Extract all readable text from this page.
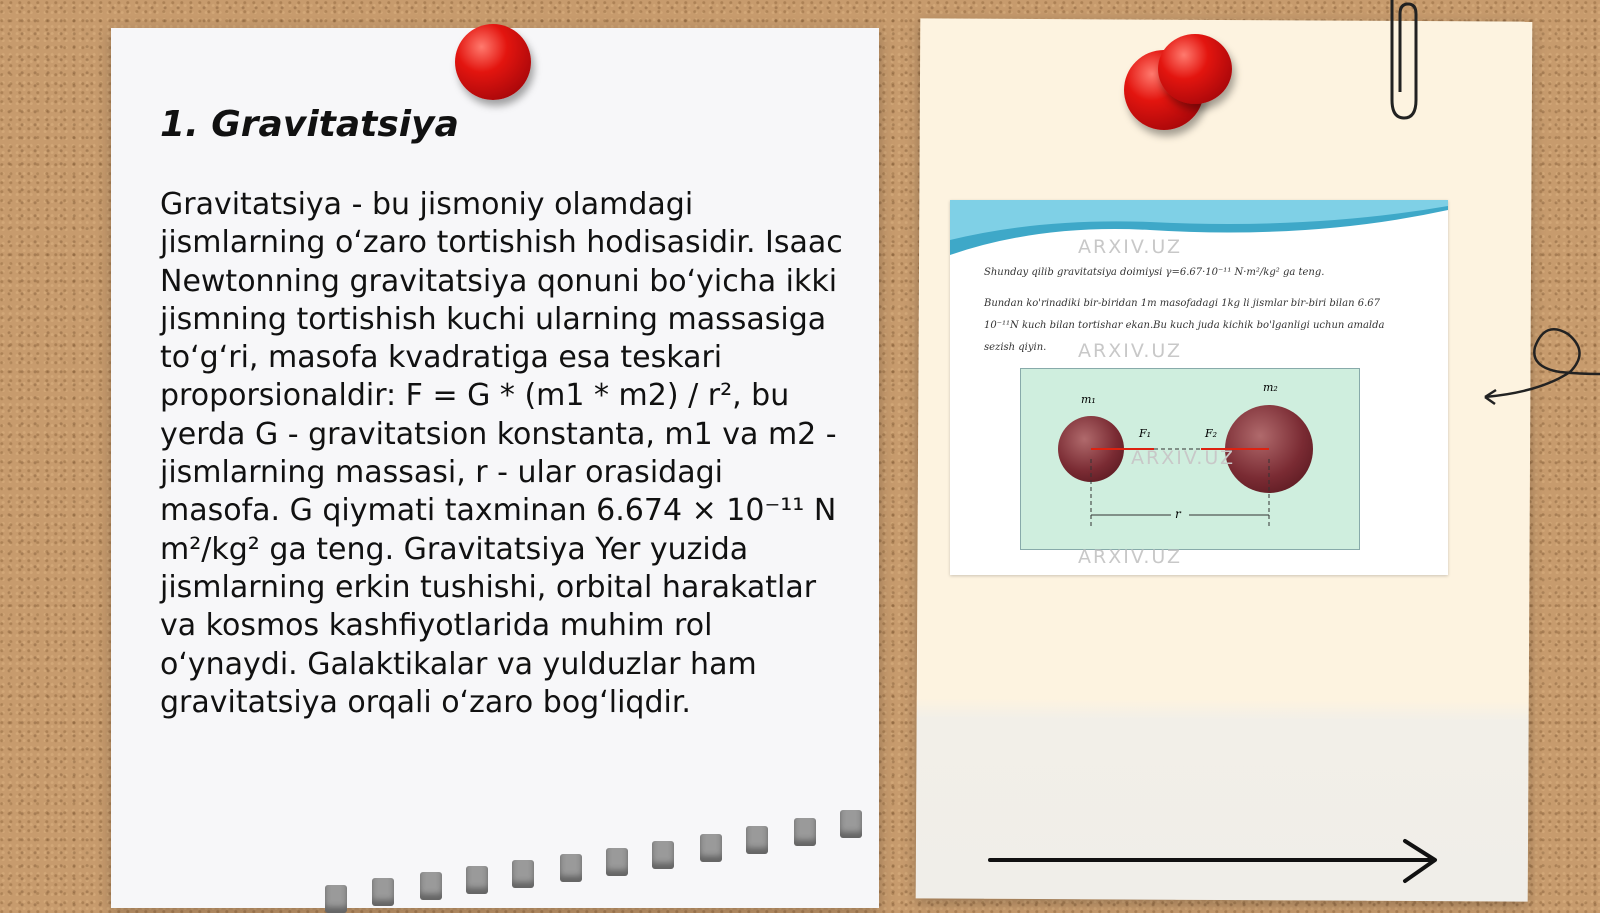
1. Gravitatsiya

Gravitatsiya - bu jismoniy olamdagi jismlarning o‘zaro tortishish hodisasidir. Isaac Newtonning gravitatsiya qonuni bo‘yicha ikki jismning tortishish kuchi ularning massasiga to‘g‘ri, masofa kvadratiga esa teskari proporsionaldir: F = G * (m1 * m2) / r², bu yerda G - gravitatsion konstanta, m1 va m2 - jismlarning massasi, r - ular orasidagi masofa. G qiymati taxminan 6.674 × 10⁻¹¹ N m²/kg² ga teng. Gravitatsiya Yer yuzida jismlarning erkin tushishi, orbital harakatlar va kosmos kashfiyotlarida muhim rol o‘ynaydi. Galaktikalar va yulduzlar ham gravitatsiya orqali o‘zaro bog‘liqdir.

ARXIV.UZ
Shunday qilib gravitatsiya doimiysi γ=6.67·10⁻¹¹ N·m²/kg² ga teng.
Bundan ko'rinadiki bir-biridan 1m masofadagi 1kg li jismlar bir-biri bilan 6.67
10⁻¹¹N kuch bilan tortishar ekan.Bu kuch juda kichik bo'lganligi uchun amalda
sezish qiyin. ARXIV.UZ
m₁
m₂
F₁	F₂
r
ARXIV.UZ
ARXIV.UZ
